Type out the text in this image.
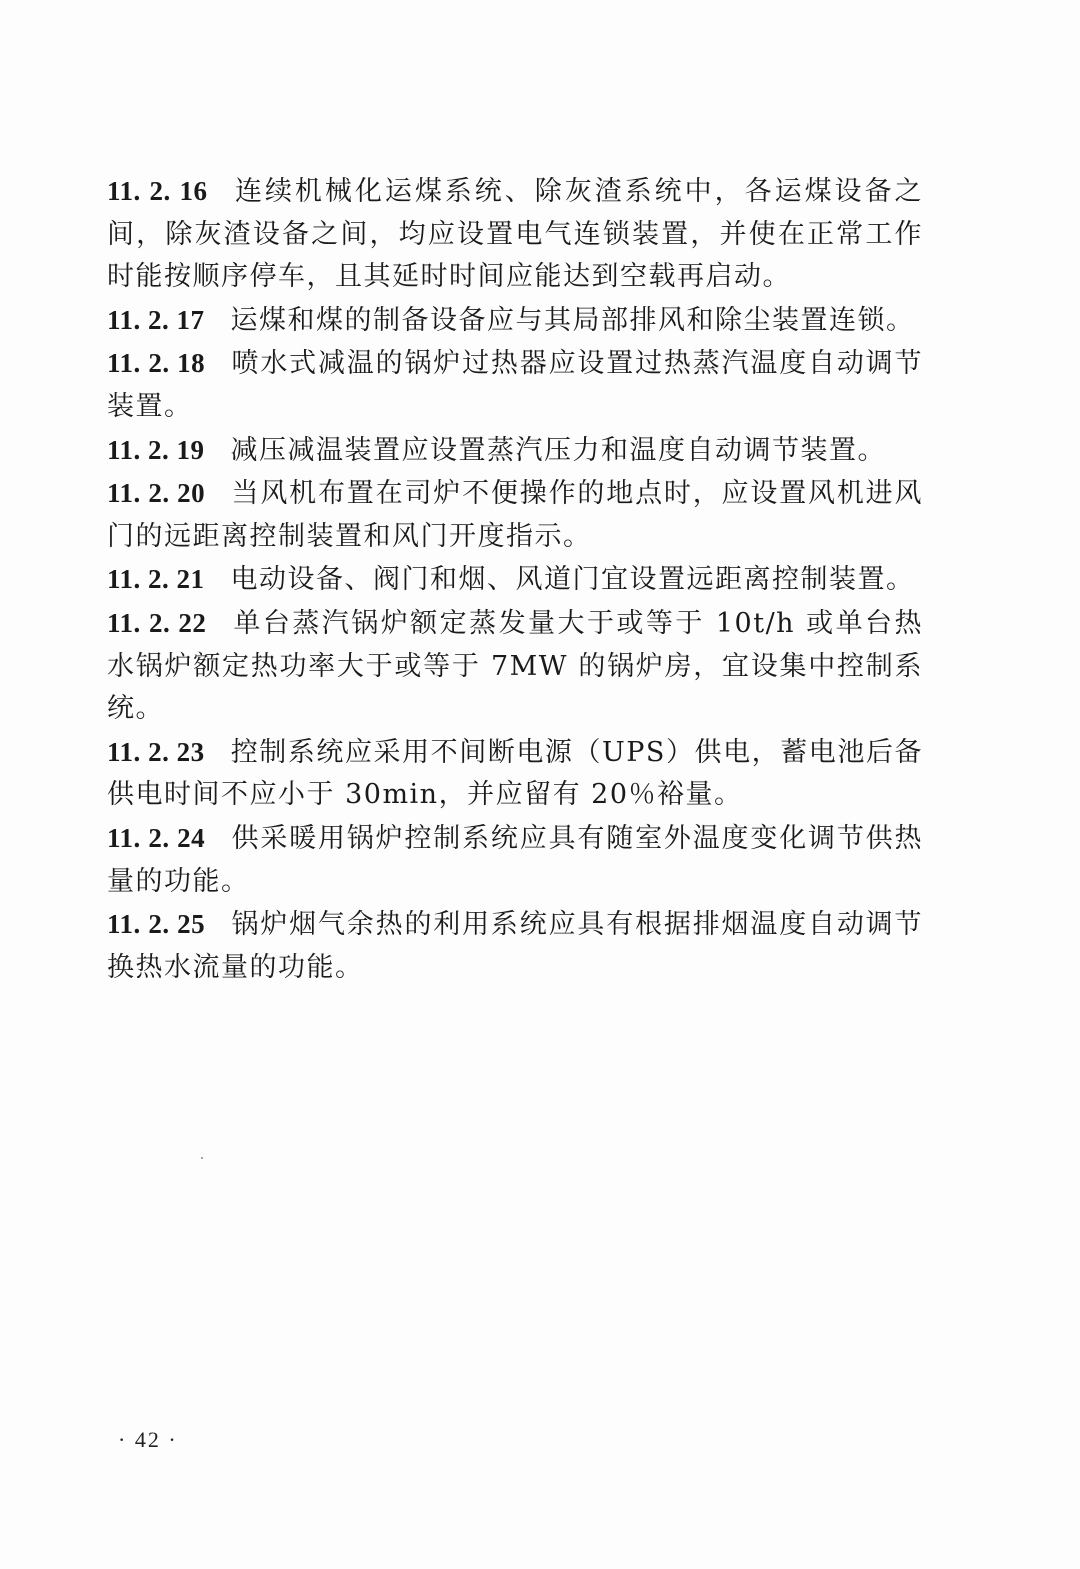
11. 2. 16 连续机械化运煤系统、除灰渣系统中，各运煤设备之间，除灰渣设备之间，均应设置电气连锁装置，并使在正常工作时能按顺序停车，且其延时时间应能达到空载再启动。

11. 2. 17 运煤和煤的制备设备应与其局部排风和除尘装置连锁。

11. 2. 18 喷水式减温的锅炉过热器应设置过热蒸汽温度自动调节装置。

11. 2. 19 减压减温装置应设置蒸汽压力和温度自动调节装置。

11. 2. 20 当风机布置在司炉不便操作的地点时，应设置风机进风门的远距离控制装置和风门开度指示。

11. 2. 21 电动设备、阀门和烟、风道门宜设置远距离控制装置。

11. 2. 22 单台蒸汽锅炉额定蒸发量大于或等于 10t/h 或单台热水锅炉额定热功率大于或等于 7MW 的锅炉房，宜设集中控制系统。

11. 2. 23 控制系统应采用不间断电源（UPS）供电，蓄电池后备供电时间不应小于 30min，并应留有 20％裕量。

11. 2. 24 供采暖用锅炉控制系统应具有随室外温度变化调节供热量的功能。

11. 2. 25 锅炉烟气余热的利用系统应具有根据排烟温度自动调节换热水流量的功能。

· 42 ·
